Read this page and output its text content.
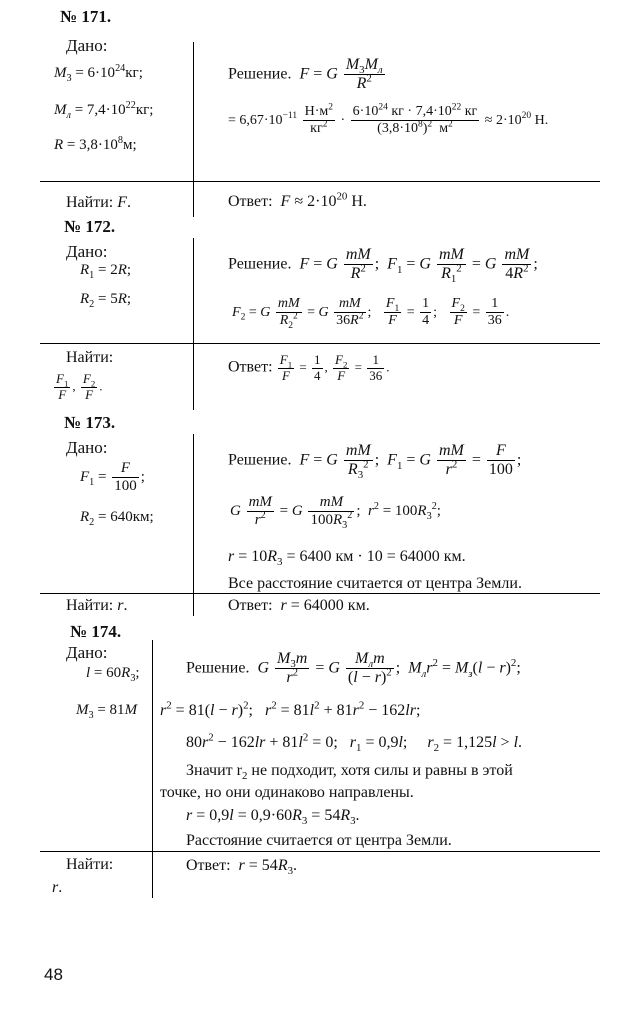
№ 171.
Дано:
$M_3 = 6\cdot 10^{24}кг$;
$M_л = 7,4\cdot 10^{22}кг$;
$R = 3,8\cdot 10^8м$;
Решение.  F = G $\frac{M_3M_л}{R^2}$
= $6,67\cdot 10^{-11} \frac{Н\cdot м^2}{кг^2} \cdot \frac{6\cdot 10^{24} кг \cdot 7,4\cdot 10^{22} кг}{(3,8\cdot 10^8)^2 м^2} \approx 2\cdot 10^{20}$ Н.
Найти: F.	Ответ:  $F \approx 2\cdot 10^{20}$ Н.
№ 172.
Дано:
$R_1 = 2R$;
$R_2 = 5R$;
Решение.  F = G $\frac{mM}{R^2}$ ;  $F_1 = G \frac{mM}{R_1^2} = G \frac{mM}{4R^2}$ ;
$F_2 = G \frac{mM}{R_2^2} = G \frac{mM}{36R^2}$ ; $\frac{F_1}{F} = \frac{1}{4}$ ; $\frac{F_2}{F} = \frac{1}{36}$ .
Найти:
$\frac{F_1}{F}$ , $\frac{F_2}{F}$ .
Ответ: $\frac{F_1}{F} = \frac{1}{4}$ , $\frac{F_2}{F} = \frac{1}{36}$ .
№ 173.
Дано:
$F_1 = \frac{F}{100}$ ;
$R_2 = 640км$;
Решение.  F = G $\frac{mM}{R_3^2}$ ;  $F_1 = G \frac{mM}{r^2} = \frac{F}{100}$ ;
G $\frac{mM}{r^2} = G \frac{mM}{100R_3^2}$ ;  $r^2 = 100R_3^2$;
$r = 10R_3 = 6400$ км · 10 = 64000 км.
Все расстояние считается от центра Земли.
Найти: r.	Ответ:  r = 64000 км.
№ 174.
Дано:
$l = 60R_3$;
$M_3 = 81M$
Решение.  G $\frac{M_3m}{r^2} = G \frac{M_лm}{(l - r)^2}$ ;  $M_лr^2 = M_з(l - r)^2$;
$r^2 = 81(l - r)^2$;   $r^2 = 81l^2 + 81r^2 - 162lr$;
$80r^2 - 162lr + 81l^2 = 0$;   $r_1 = 0,9l$;     $r_2 = 1,125l > l$.
Значит $r_2$ не подходит, хотя силы и равны в этой
точке, но они одинаково направлены.
$r = 0,9l = 0,9\cdot 60R_3 = 54R_3$.
Расстояние считается от центра Земли.
Найти:
r.
Ответ:  $r = 54R_3$.
48
